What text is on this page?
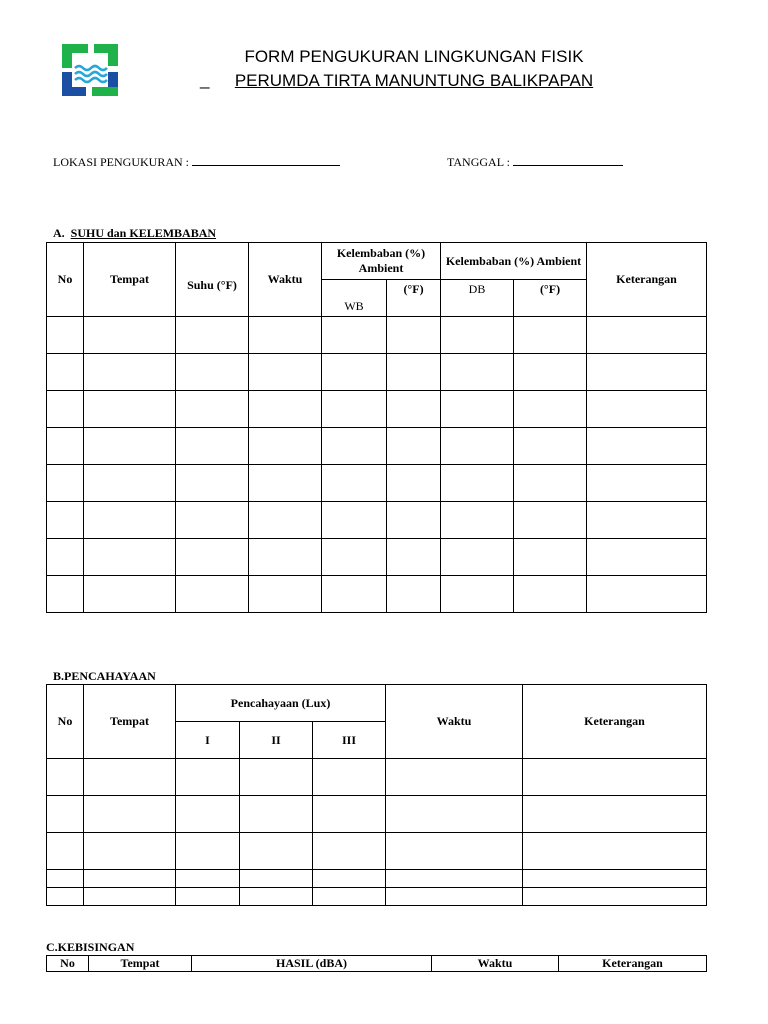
FORM PENGUKURAN LINGKUNGAN FISIK
_	PERUMDA TIRTA MANUNTUNG BALIKPAPAN
LOKASI PENGUKURAN :	TANGGAL :
A. SUHU dan KELEMBABAN
No	Tempat	Suhu (°F)	Waktu	Kelembaban (%) Ambient		Kelembaban (%) Ambient		Keterangan
				WB	(°F)	DB	(°F)	

B.PENCAHAYAAN
No	Tempat	Pencahayaan (Lux)			Waktu	Keterangan
		I	II	III		

C.KEBISINGAN
No	Tempat	HASIL (dBA)	Waktu	Keterangan
